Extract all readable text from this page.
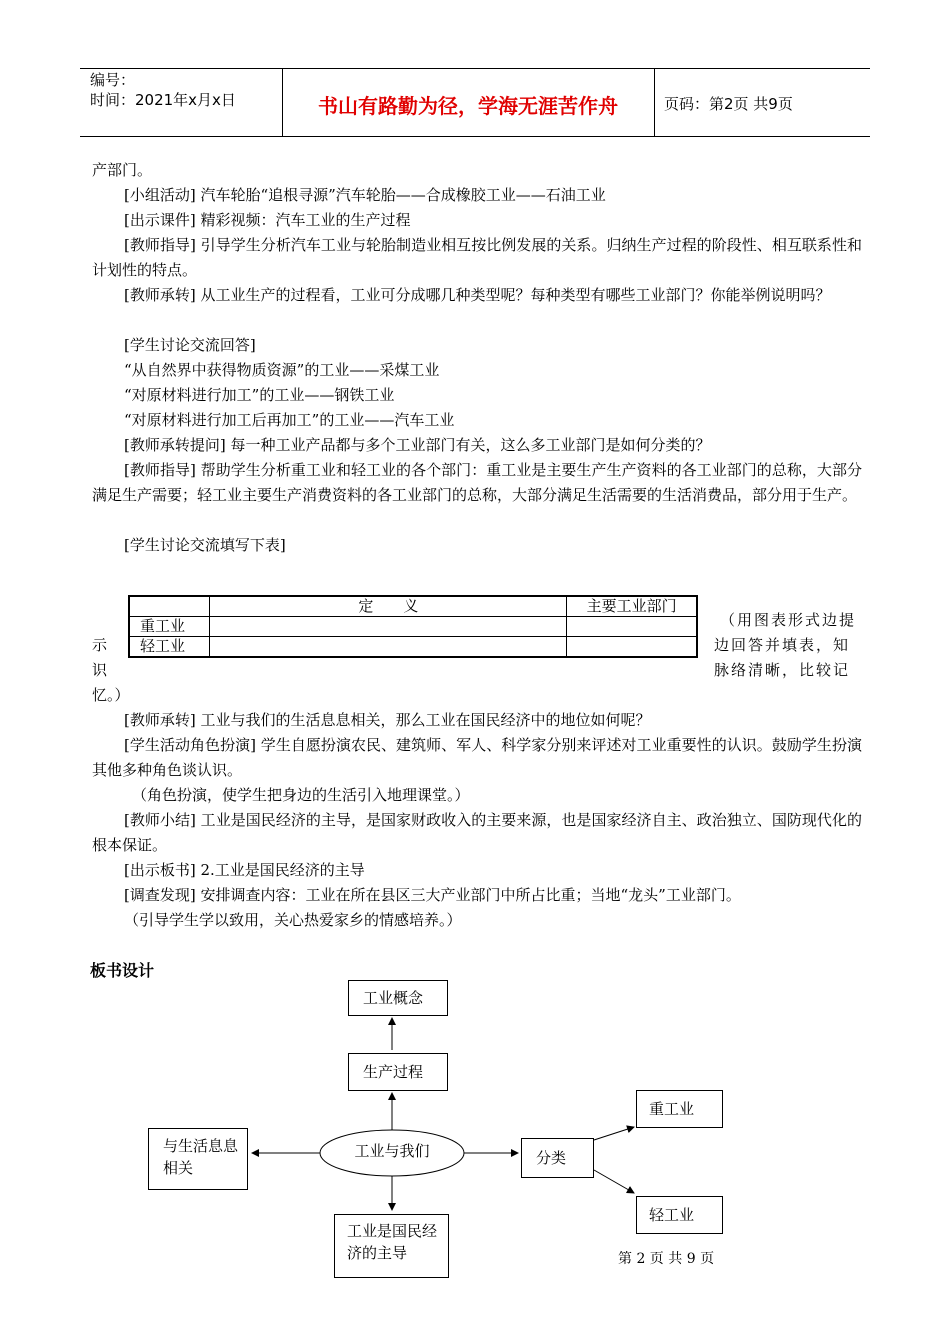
编号：
时间：2021年x月x日	书山有路勤为径，学海无涯苦作舟	页码：第2页 共9页
产部门。
[小组活动] 汽车轮胎“追根寻源”汽车轮胎——合成橡胶工业——石油工业
[出示课件] 精彩视频：汽车工业的生产过程
[教师指导] 引导学生分析汽车工业与轮胎制造业相互按比例发展的关系。归纳生产过程的阶段性、相互联系性和计划性的特点。
[教师承转] 从工业生产的过程看，工业可分成哪几种类型呢？每种类型有哪些工业部门？你能举例说明吗？
[学生讨论交流回答]
“从自然界中获得物质资源”的工业——采煤工业
“对原材料进行加工”的工业——钢铁工业
“对原材料进行加工后再加工”的工业——汽车工业
[教师承转提问] 每一种工业产品都与多个工业部门有关，这么多工业部门是如何分类的？
[教师指导] 帮助学生分析重工业和轻工业的各个部门：重工业是主要生产生产资料的各工业部门的总称，大部分满足生产需要；轻工业主要生产消费资料的各工业部门的总称，大部分满足生活需要的生活消费品，部分用于生产。
[学生讨论交流填写下表]
	定　　义	主要工业部门
重工业		
轻工业		
（用图表形式边提
边回答并填表，知
脉络清晰，比较记
示
识
忆。）
[教师承转] 工业与我们的生活息息相关，那么工业在国民经济中的地位如何呢？
[学生活动角色扮演] 学生自愿扮演农民、建筑师、军人、科学家分别来评述对工业重要性的认识。鼓励学生扮演其他多种角色谈认识。
（角色扮演，使学生把身边的生活引入地理课堂。）
[教师小结] 工业是国民经济的主导，是国家财政收入的主要来源，也是国家经济自主、政治独立、国防现代化的根本保证。
[出示板书] 2.工业是国民经济的主导
[调查发现] 安排调查内容：工业在所在县区三大产业部门中所占比重；当地“龙头”工业部门。
（引导学生学以致用，关心热爱家乡的情感培养。）
板书设计
工业概念
生产过程
工业与我们
与生活息息相关
分类
重工业
轻工业
工业是国民经济的主导	第 2 页 共 9 页
